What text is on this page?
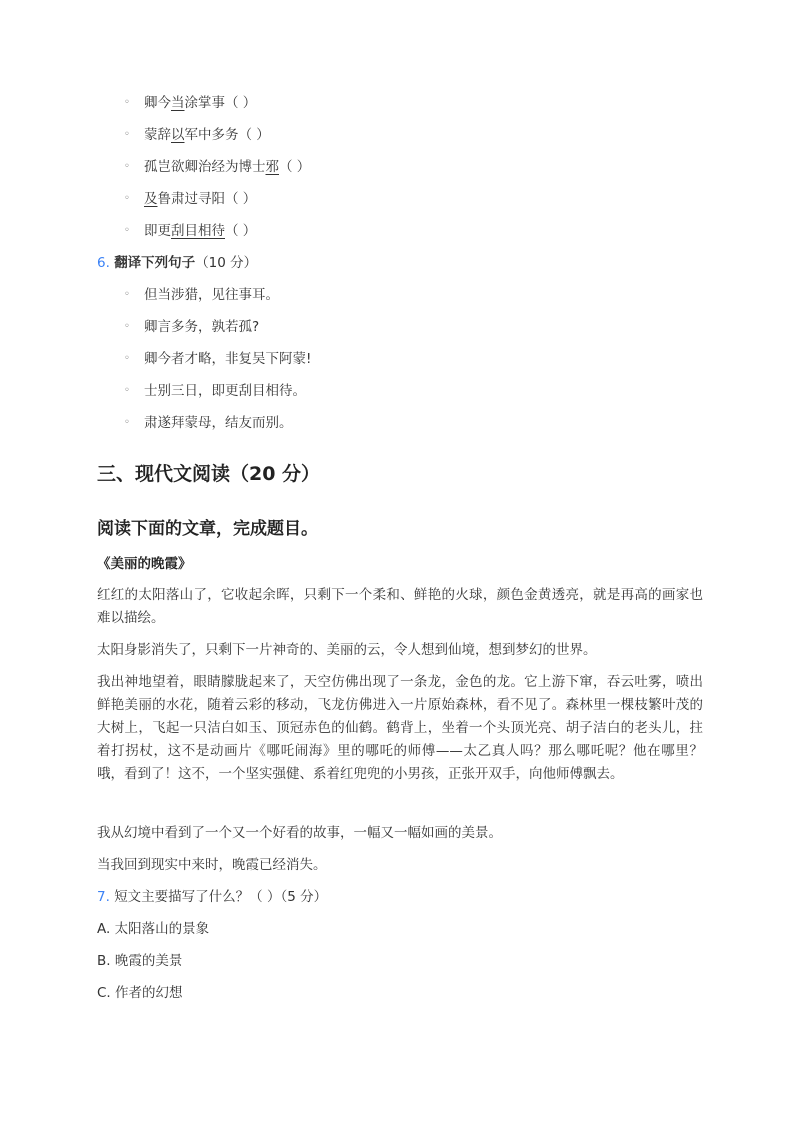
◦ 卿今当涂掌事（ ）
◦ 蒙辞以军中多务（ ）
◦ 孤岂欲卿治经为博士邪（ ）
◦ 及鲁肃过寻阳（ ）
◦ 即更刮目相待（ ）
6. 翻译下列句子（10 分）
◦ 但当涉猎，见往事耳。
◦ 卿言多务，孰若孤?
◦ 卿今者才略，非复吴下阿蒙!
◦ 士别三日，即更刮目相待。
◦ 肃遂拜蒙母，结友而别。
三、现代文阅读（20 分）
阅读下面的文章，完成题目。
《美丽的晚霞》
红红的太阳落山了，它收起余晖，只剩下一个柔和、鲜艳的火球，颜色金黄透亮，就是再高的画家也难以描绘。
太阳身影消失了，只剩下一片神奇的、美丽的云，令人想到仙境，想到梦幻的世界。
我出神地望着，眼睛朦胧起来了，天空仿佛出现了一条龙，金色的龙。它上游下窜，吞云吐雾，喷出鲜艳美丽的水花，随着云彩的移动，飞龙仿佛进入一片原始森林，看不见了。森林里一棵枝繁叶茂的大树上，飞起一只洁白如玉、顶冠赤色的仙鹤。鹤背上，坐着一个头顶光亮、胡子洁白的老头儿，拄着打拐杖，这不是动画片《哪吒闹海》里的哪吒的师傅——太乙真人吗？那么哪吒呢？他在哪里？哦，看到了！这不，一个坚实强健、系着红兜兜的小男孩，正张开双手，向他师傅飘去。
我从幻境中看到了一个又一个好看的故事，一幅又一幅如画的美景。
当我回到现实中来时，晚霞已经消失。
7. 短文主要描写了什么？（ ）（5 分）
A. 太阳落山的景象
B. 晚霞的美景
C. 作者的幻想
